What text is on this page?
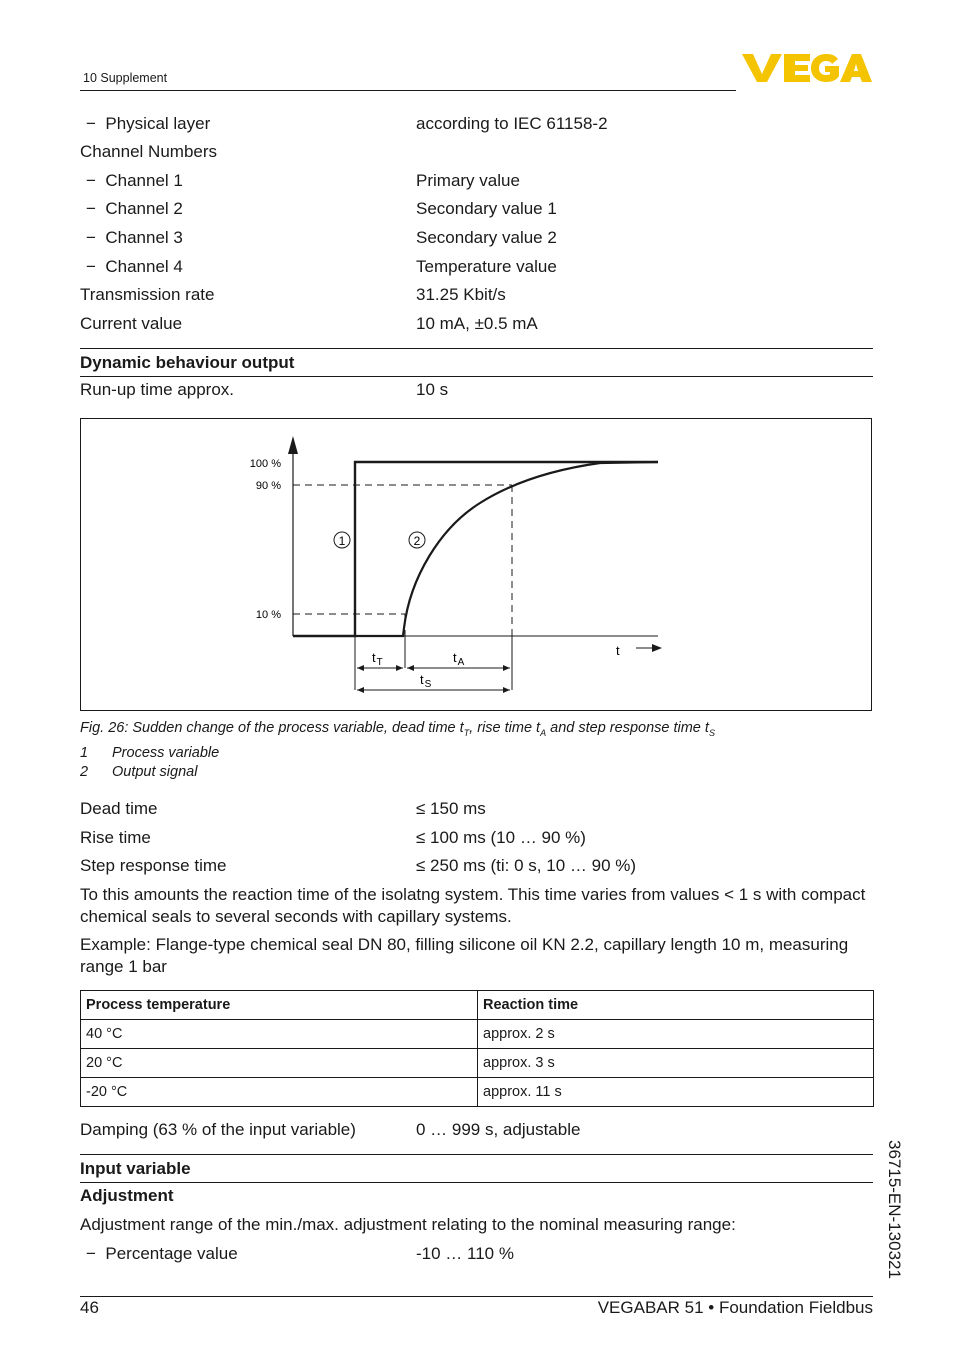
10 Supplement
−  Physical layer	according to IEC 61158-2
Channel Numbers
−  Channel 1	Primary value
−  Channel 2	Secondary value 1
−  Channel 3	Secondary value 2
−  Channel 4	Temperature value
Transmission rate	31.25 Kbit/s
Current value	10 mA, ±0.5 mA
Dynamic behaviour output
Run-up time approx.	10 s
100 %
90 %
10 %
t
$t_T$	$t_A$
$t_S$
1	2
Fig. 26: Sudden change of the process variable, dead time $t_T$, rise time $t_A$ and step response time $t_S$
1 Process variable
2 Output signal
Dead time	≤ 150 ms
Rise time	≤ 100 ms (10 … 90 %)
Step response time	≤ 250 ms (ti: 0 s, 10 … 90 %)
To this amounts the reaction time of the isolatng system. This time varies from values < 1 s with compact chemical seals to several seconds with capillary systems.
Example: Flange-type chemical seal DN 80, filling silicone oil KN 2.2, capillary length 10 m, measuring range 1 bar
Process temperature	Reaction time
40 °C	approx. 2 s
20 °C	approx. 3 s
-20 °C	approx. 11 s
Damping (63 % of the input variable)	0 … 999 s, adjustable
Input variable
Adjustment
Adjustment range of the min./max. adjustment relating to the nominal measuring range:
−  Percentage value	-10 … 110 %	36715-EN-130321
46	VEGABAR 51 • Foundation Fieldbus
